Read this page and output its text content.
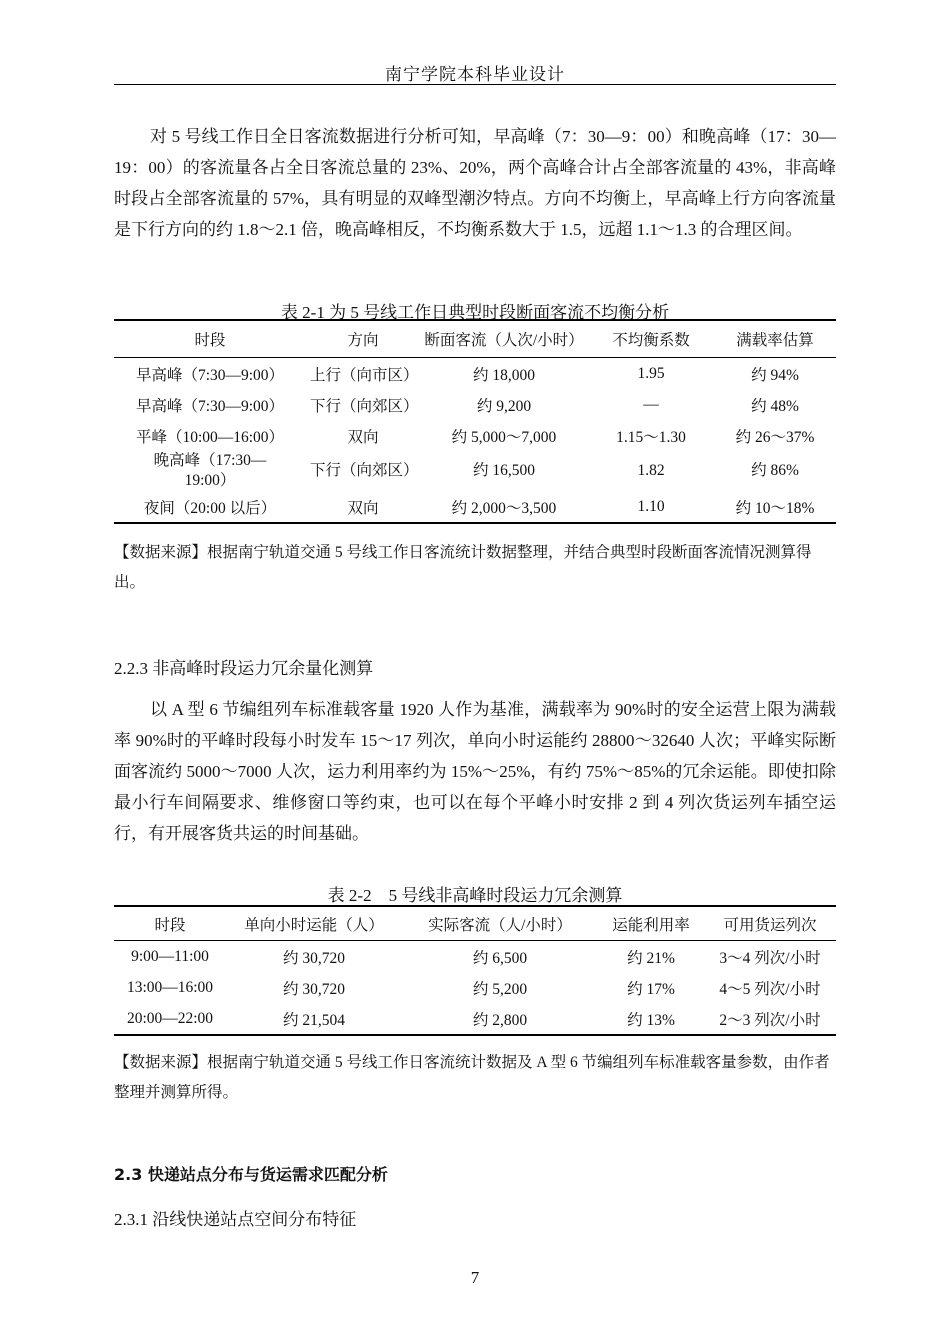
南宁学院本科毕业设计
对 5 号线工作日全日客流数据进行分析可知，早高峰（7：30—9：00）和晚高峰（17：30—19：00）的客流量各占全日客流总量的 23%、20%，两个高峰合计占全部客流量的 43%，非高峰时段占全部客流量的 57%，具有明显的双峰型潮汐特点。方向不均衡上，早高峰上行方向客流量是下行方向的约 1.8～2.1 倍，晚高峰相反，不均衡系数大于 1.5，远超 1.1～1.3 的合理区间。
表 2-1 为 5 号线工作日典型时段断面客流不均衡分析
时段	方向	断面客流（人次/小时）	不均衡系数	满载率估算
早高峰（7:30—9:00）	上行（向市区）	约 18,000	1.95	约 94%
早高峰（7:30—9:00）	下行（向郊区）	约 9,200	—	约 48%
平峰（10:00—16:00）	双向	约 5,000～7,000	1.15～1.30	约 26～37%
晚高峰（17:30—19:00）	下行（向郊区）	约 16,500	1.82	约 86%
夜间（20:00 以后）	双向	约 2,000～3,500	1.10	约 10～18%
【数据来源】根据南宁轨道交通 5 号线工作日客流统计数据整理，并结合典型时段断面客流情况测算得出。
2.2.3 非高峰时段运力冗余量化测算
以 A 型 6 节编组列车标准载客量 1920 人作为基准，满载率为 90%时的安全运营上限为满载率 90%时的平峰时段每小时发车 15～17 列次，单向小时运能约 28800～32640 人次；平峰实际断面客流约 5000～7000 人次，运力利用率约为 15%～25%，有约 75%～85%的冗余运能。即使扣除最小行车间隔要求、维修窗口等约束，也可以在每个平峰小时安排 2 到 4 列次货运列车插空运行，有开展客货共运的时间基础。
表 2-2　5 号线非高峰时段运力冗余测算
时段	单向小时运能（人）	实际客流（人/小时）	运能利用率	可用货运列次
9:00—11:00	约 30,720	约 6,500	约 21%	3～4 列次/小时
13:00—16:00	约 30,720	约 5,200	约 17%	4～5 列次/小时
20:00—22:00	约 21,504	约 2,800	约 13%	2～3 列次/小时
【数据来源】根据南宁轨道交通 5 号线工作日客流统计数据及 A 型 6 节编组列车标准载客量参数，由作者整理并测算所得。
2.3 快递站点分布与货运需求匹配分析
2.3.1 沿线快递站点空间分布特征
7
